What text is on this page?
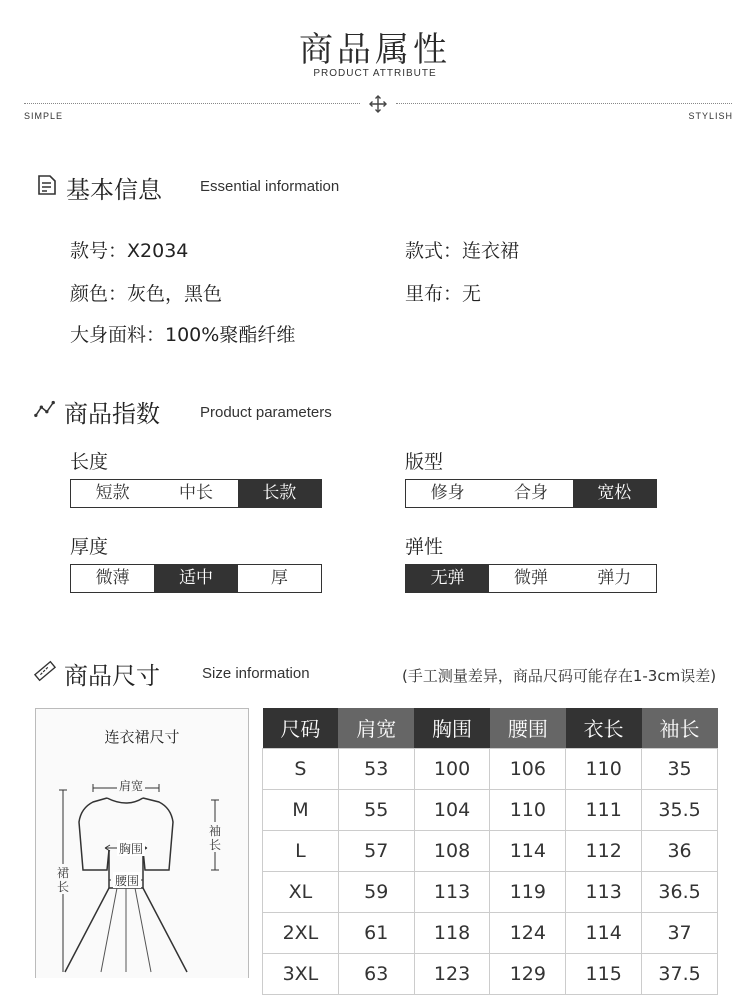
商品属性
PRODUCT ATTRIBUTE
SIMPLE	STYLISH
基本信息	Essential information
款号：X2034	款式：连衣裙
颜色：灰色，黑色	里布：无
大身面料：100%聚酯纤维
商品指数	Product parameters
长度
短款	中长	长款
版型
修身	合身	宽松
厚度
微薄	适中	厚
弹性
无弹	微弹	弹力
商品尺寸	Size information	(手工测量差异，商品尺码可能存在1-3cm误差)
连衣裙尺寸
肩宽
胸围
腰围
袖
长
裙
长
尺码	肩宽	胸围	腰围	衣长	袖长
S	53	100	106	110	35
M	55	104	110	111	35.5
L	57	108	114	112	36
XL	59	113	119	113	36.5
2XL	61	118	124	114	37
3XL	63	123	129	115	37.5
